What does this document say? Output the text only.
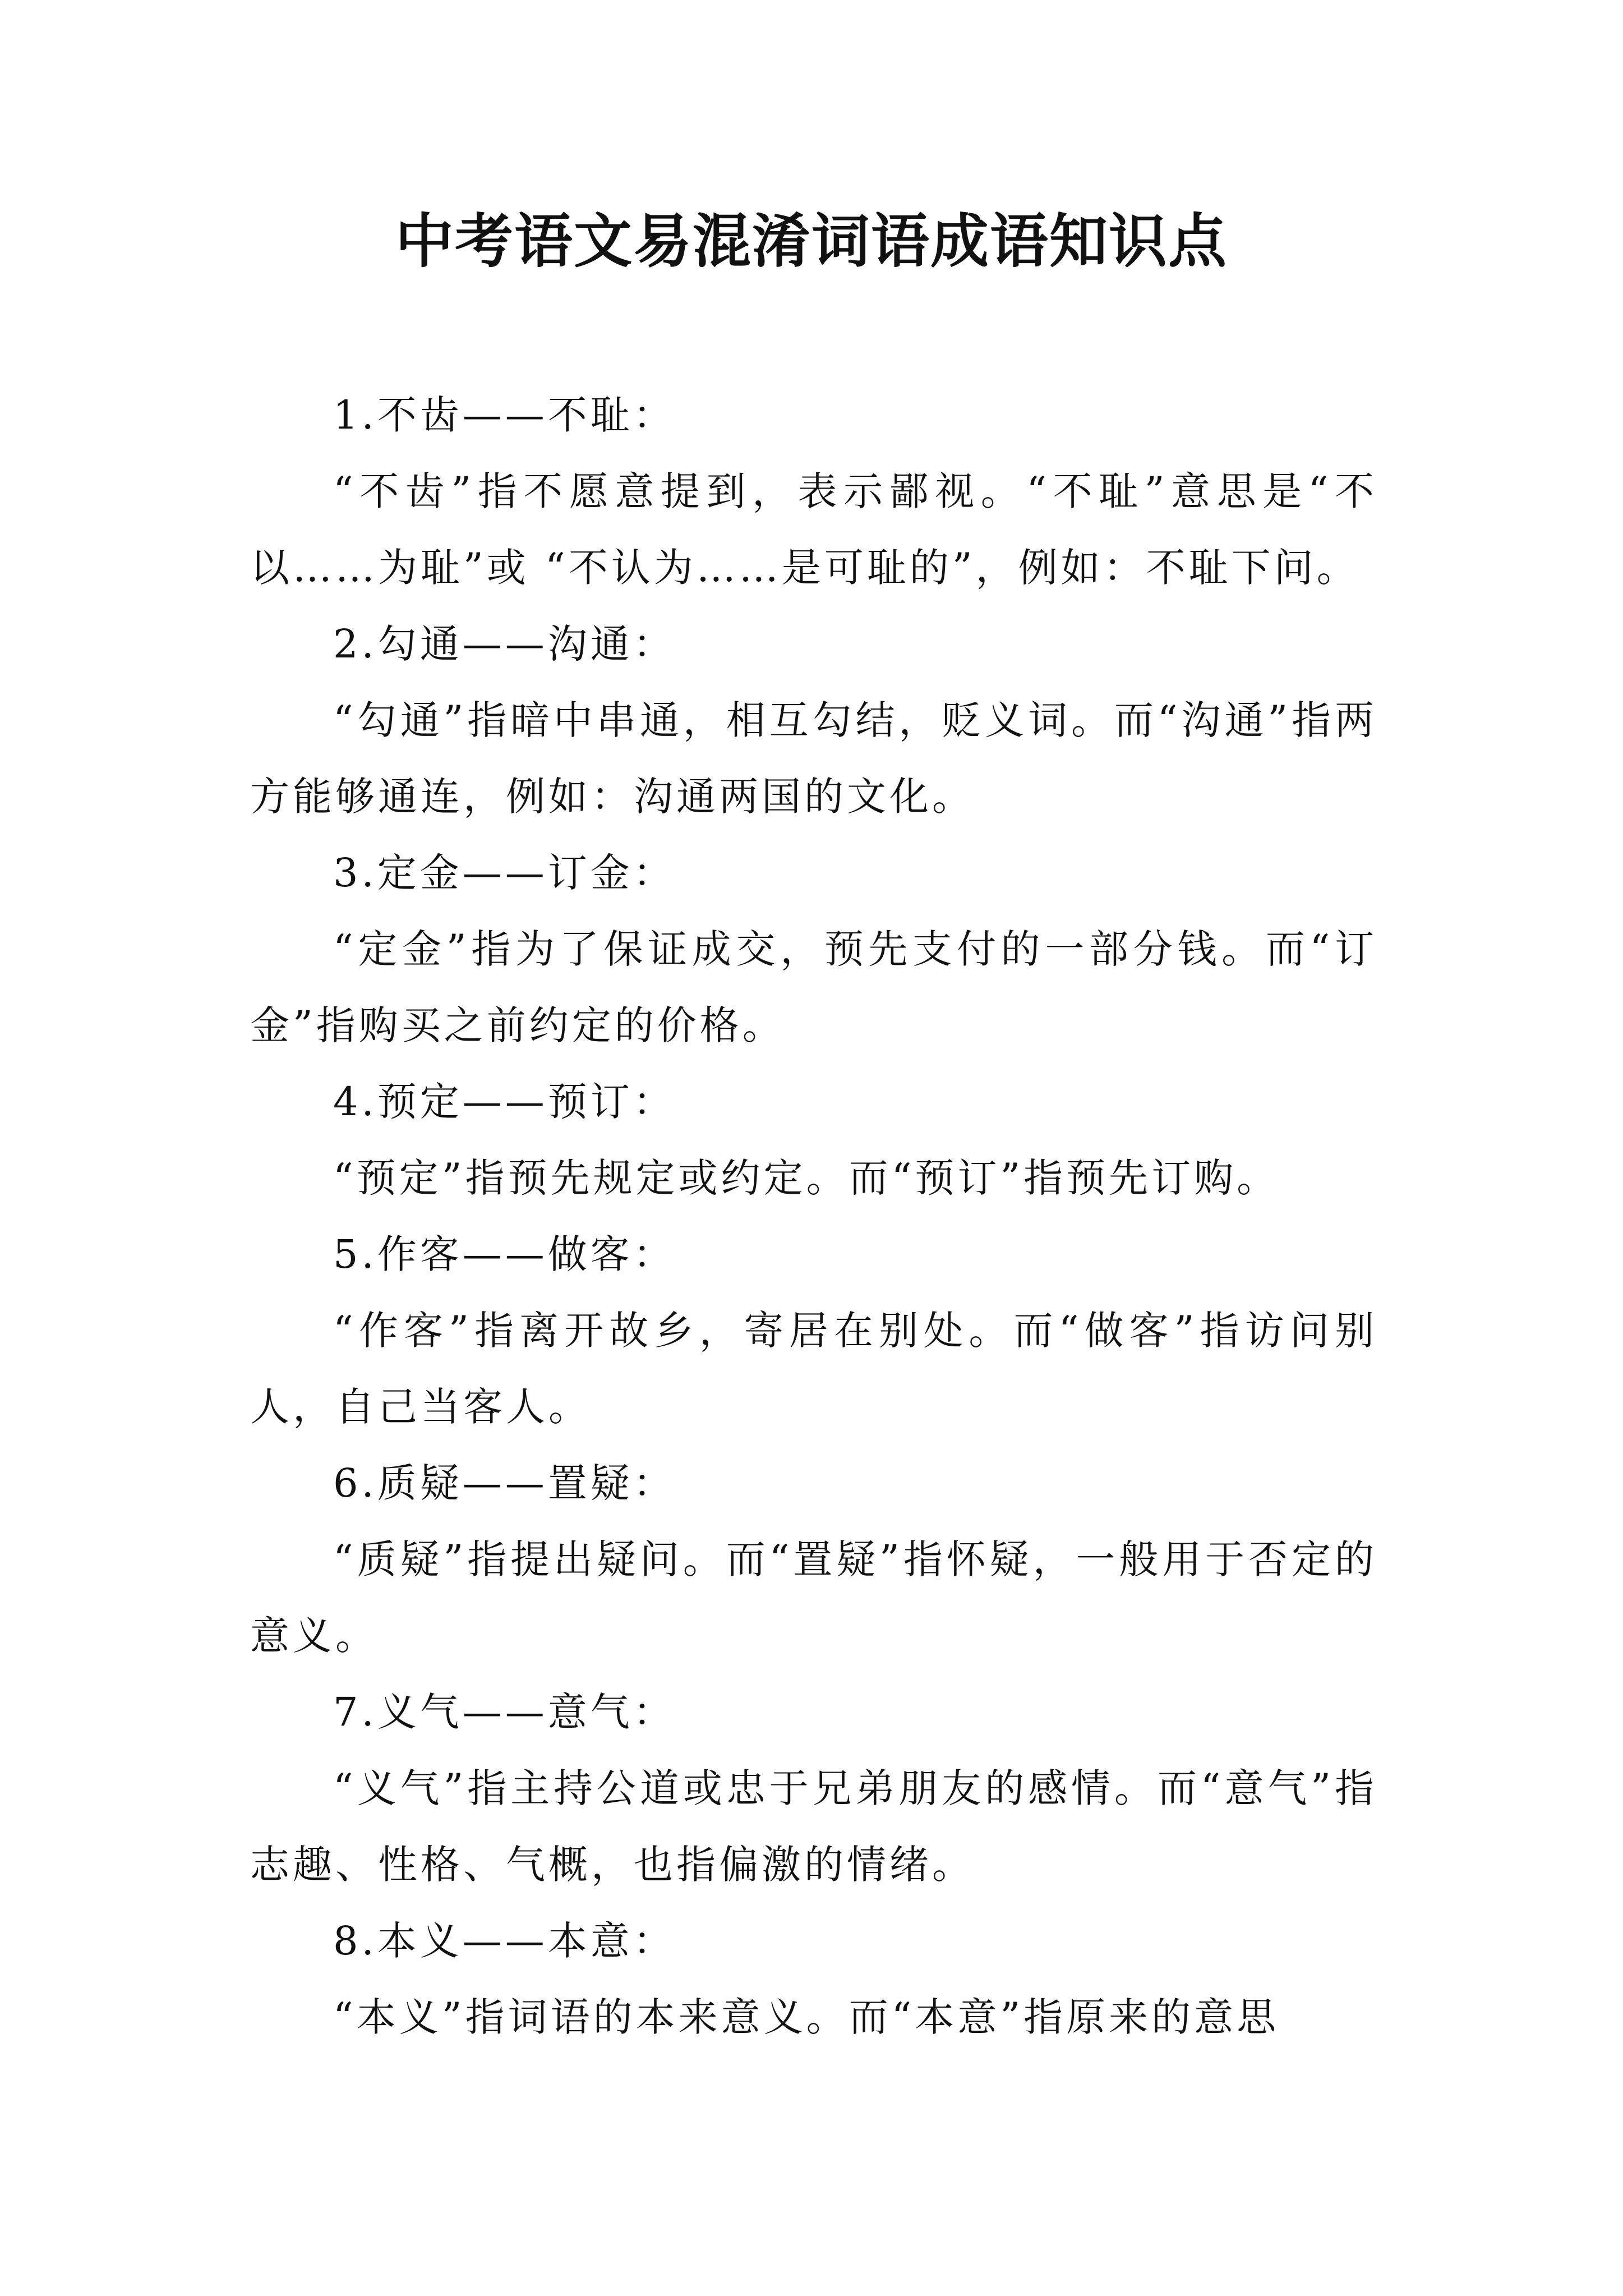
中考语文易混淆词语成语知识点

1.不齿——不耻：

“不齿”指不愿意提到，表示鄙视。“不耻”意思是“不以……为耻”或 “不认为……是可耻的”，例如：不耻下问。

2.勾通——沟通：

“勾通”指暗中串通，相互勾结，贬义词。而“沟通”指两方能够通连，例如：沟通两国的文化。

3.定金——订金：

“定金”指为了保证成交，预先支付的一部分钱。而“订金”指购买之前约定的价格。

4.预定——预订：

“预定”指预先规定或约定。而“预订”指预先订购。

5.作客——做客：

“作客”指离开故乡，寄居在别处。而“做客”指访问别人，自己当客人。

6.质疑——置疑：

“质疑”指提出疑问。而“置疑”指怀疑，一般用于否定的意义。

7.义气——意气：

“义气”指主持公道或忠于兄弟朋友的感情。而“意气”指志趣、性格、气概，也指偏激的情绪。

8.本义——本意：

“本义”指词语的本来意义。而“本意”指原来的意思
